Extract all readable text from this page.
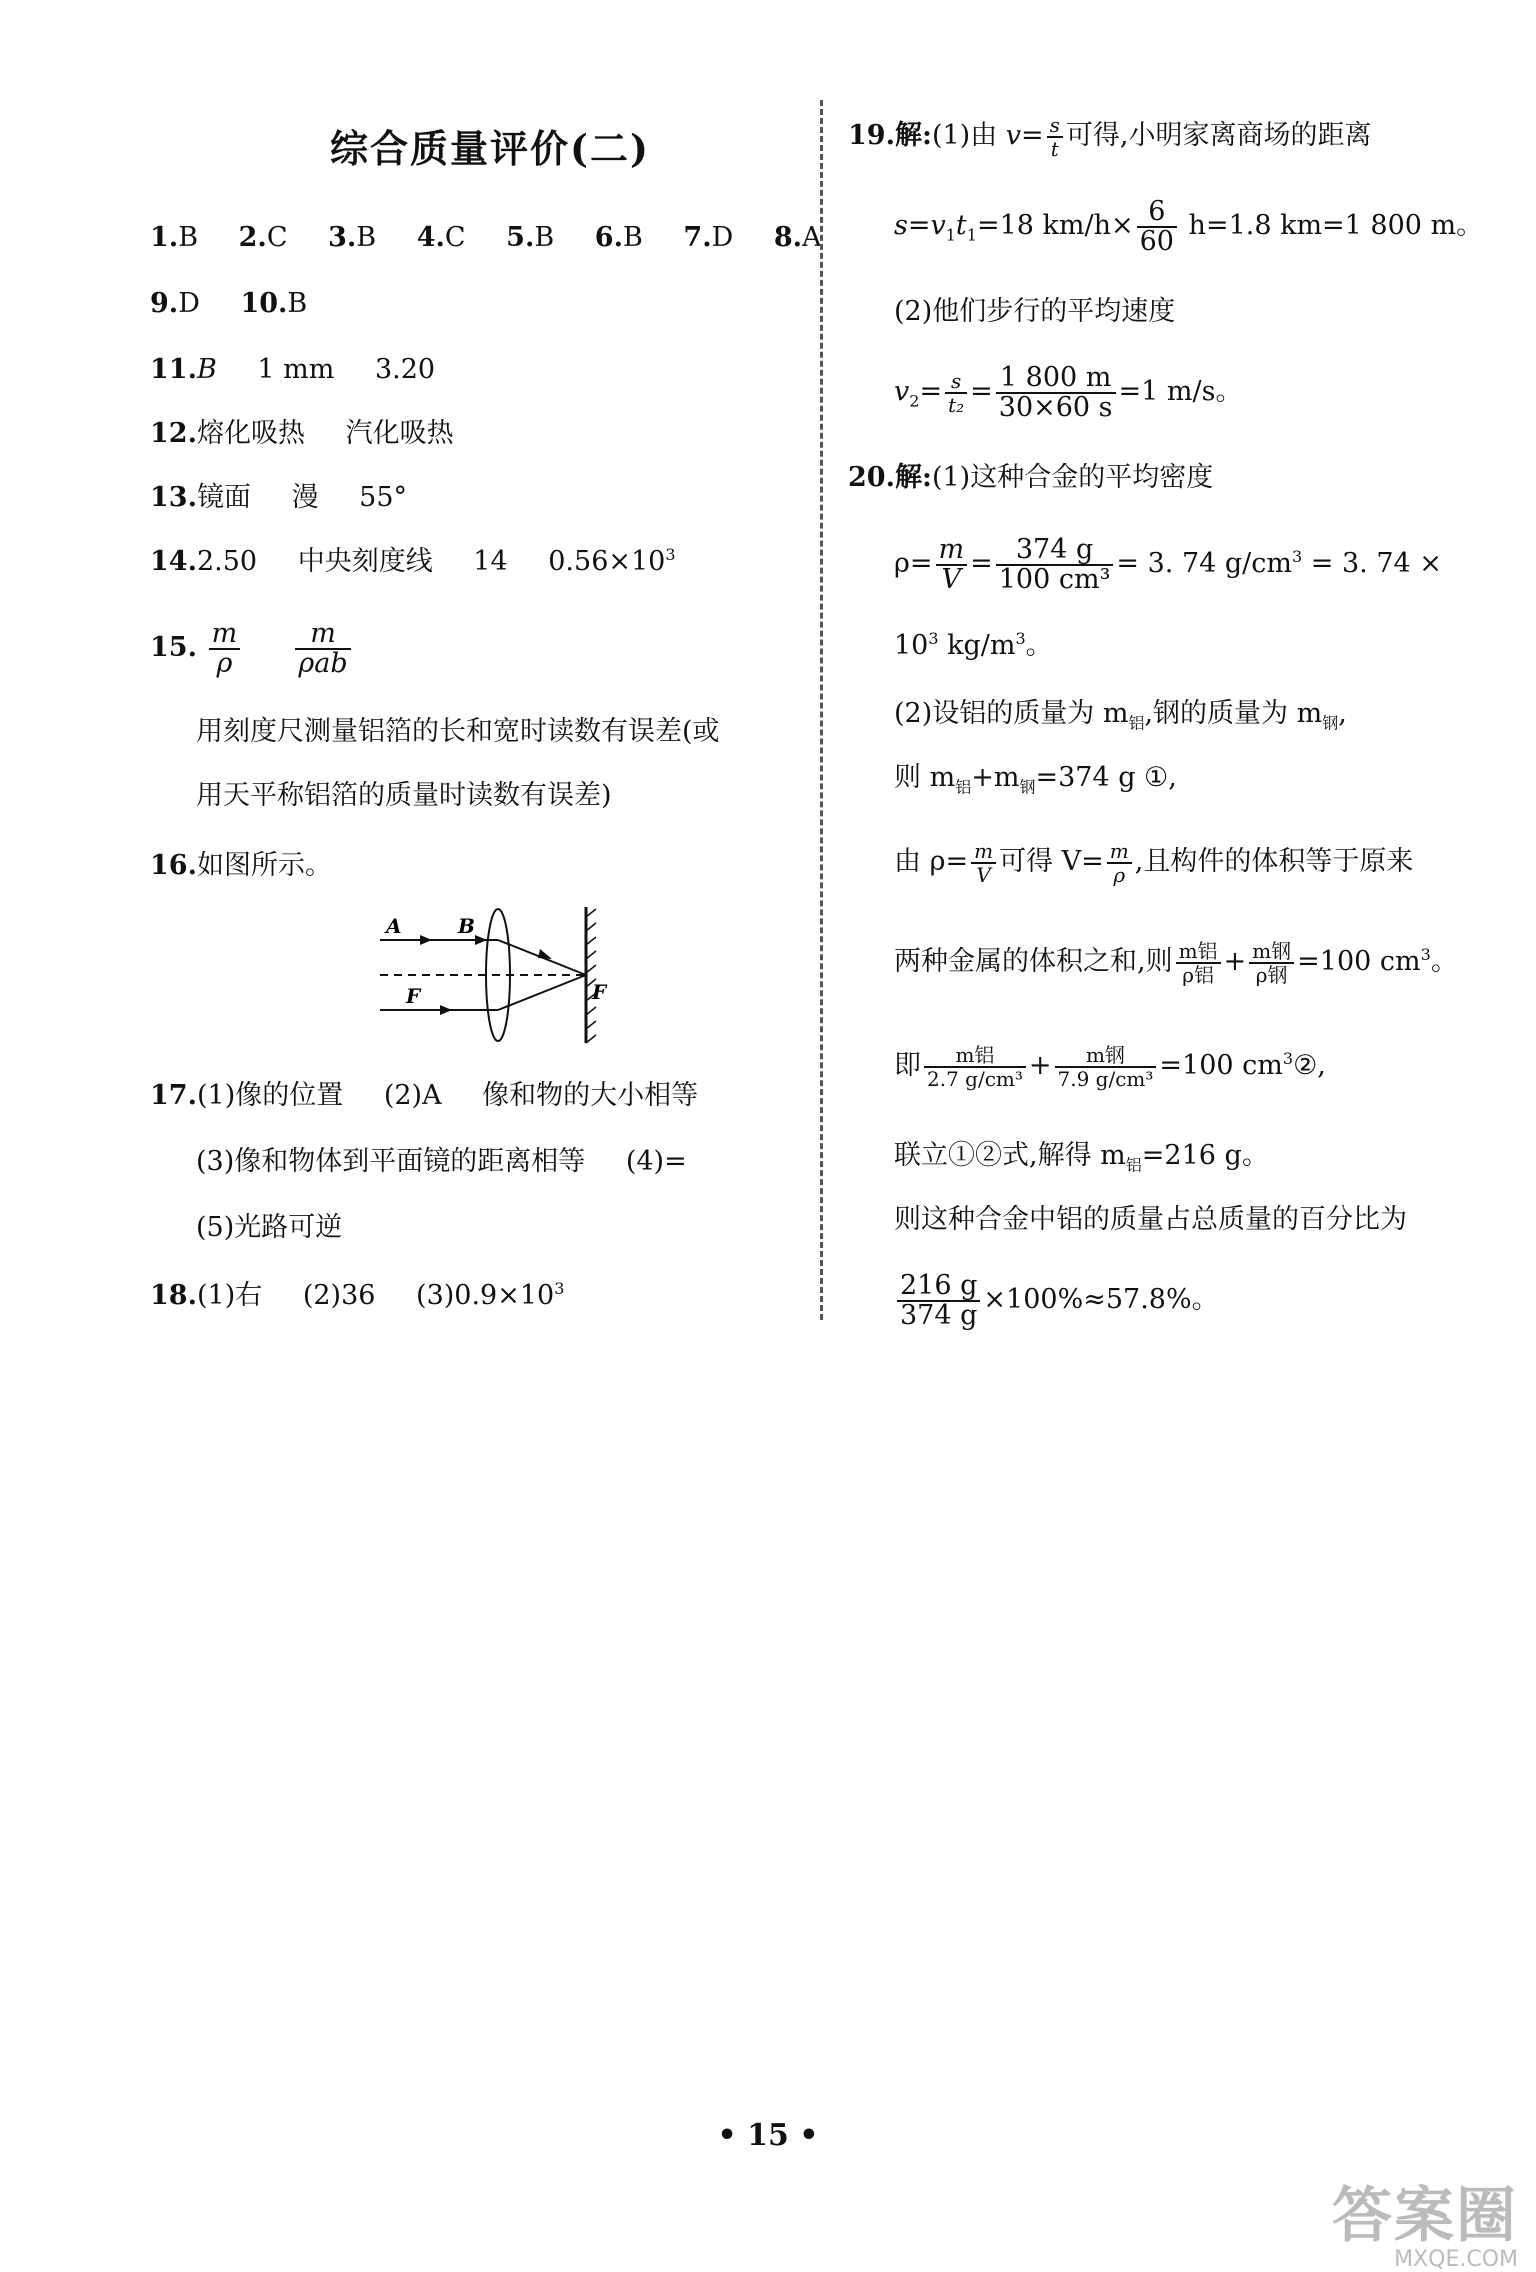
综合质量评价(二)
1.B 2.C 3.B 4.C 5.B 6.B 7.D 8.A
9.D 10.B
11.B 1 mm 3.20
12.熔化吸热 汽化吸热
13.镜面 漫 55°
14.2.50 中央刻度线 14 $0.56\times 10^3$
15. $\frac{m}{\rho}$
$\frac{m}{\text{ρab}}$
用刻度尺测量铝箔的长和宽时读数有误差(或
用天平称铝箔的质量时读数有误差)
16.如图所示。
A	B
F	F
17.(1)像的位置 (2)A 像和物的大小相等
(3)像和物体到平面镜的距离相等 (4)=
(5)光路可逆
18.(1)右 (2)36 $(3)0.9\times 10^3$
19.解:(1)由 $v= \frac{s}{t}$ 可得,小明家离商场的距离
$s=v_1t_1=18$ $km/h\times \frac{6}{60} h=1.8$ km=1 800 m。
(2)他们步行的平均速度
$v_2= \frac{s}{\text{t₂}} = \frac{1 800 m}{30\times 60 s} =1$ m/s。
20.解:(1)这种合金的平均密度
$\rho= \frac{m}{V} = \frac{374 g}{\text{100 cm³}} = 3$. 74 $g/cm^3 = 3$. 74 ×
$10^3$ $kg/m^3$。
(2)设铝的质量为 $m_铝$,钢的质量为 $m_钢$,
则 $m_铝+m_钢=374$ g ①,
由 $\rho= \frac{m}{V}$ 可得 $V= \frac{m}{\rho}$ ,且构件的体积等于原来
两种金属的体积之和,则 $\frac{\text{m铝}}{\text{ρ铝}} + \frac{\text{m钢}}{\text{ρ钢}} =100$ $cm^3$。
即 $\frac{\text{m铝}}{\text{2.7 g/cm³}} + \frac{\text{m钢}}{\text{7.9 g/cm³}} =100$ $cm^3②$,
联立①②式,解得 $m_铝=216$ g。
则这种合金中铝的质量占总质量的百分比为
$\frac{216 g}{374 g} \times 100\%\approx 57.8\%$。
• 15 •
答案圈
MXQE.COM
